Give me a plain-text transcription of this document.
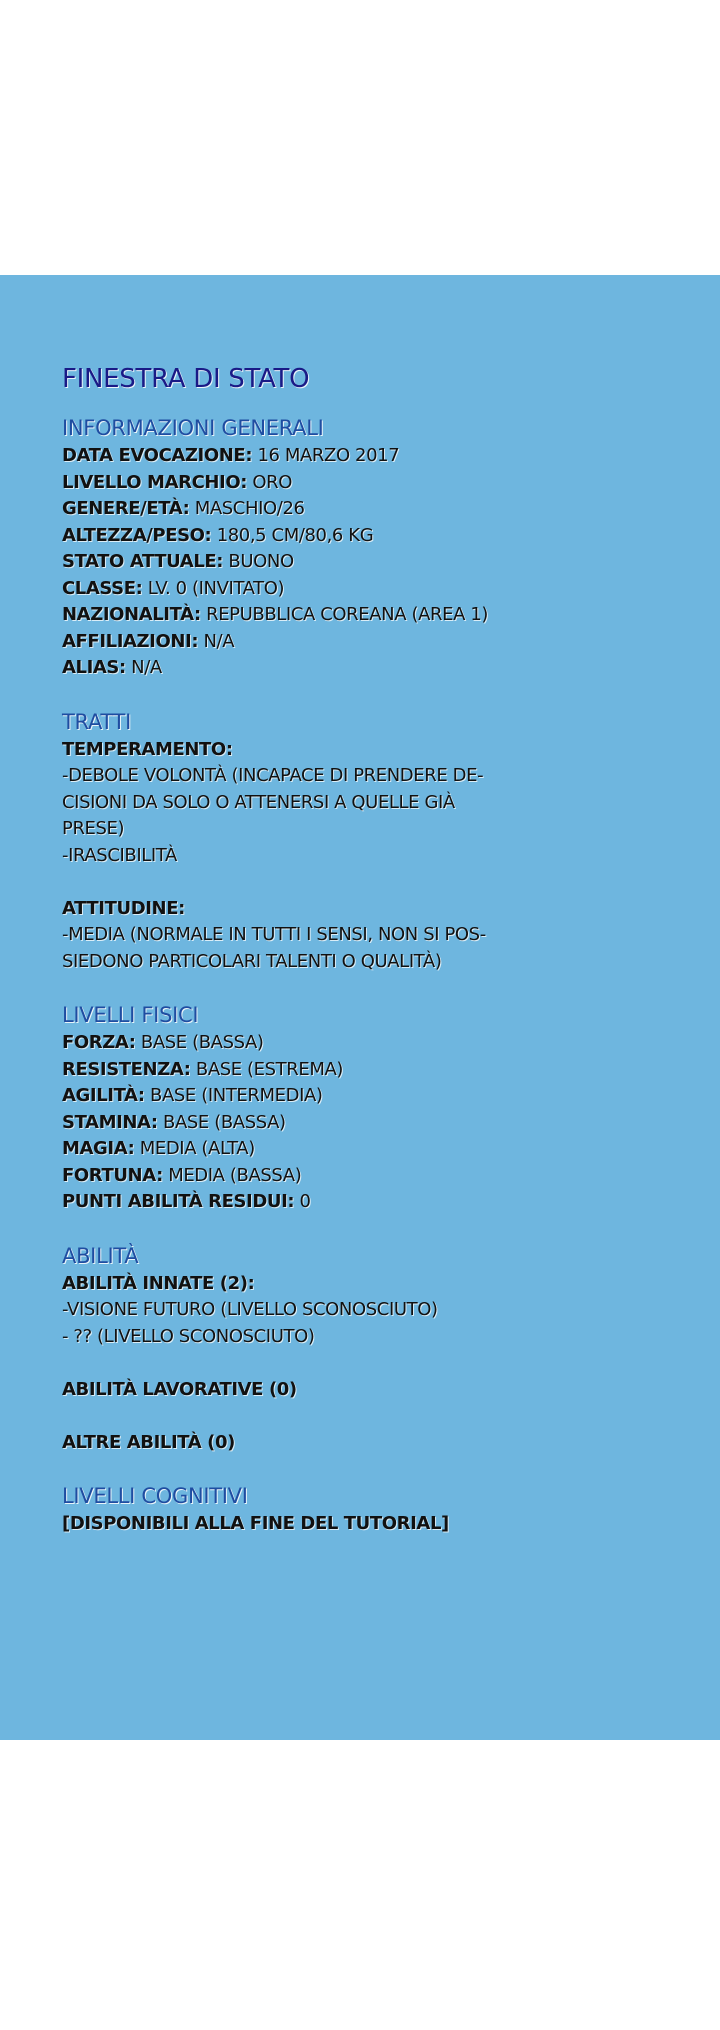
FINESTRA DI STATO
INFORMAZIONI GENERALI
DATA EVOCAZIONE: 16 MARZO 2017
LIVELLO MARCHIO: ORO
GENERE/ETÀ: MASCHIO/26
ALTEZZA/PESO: 180,5 CM/80,6 KG
STATO ATTUALE: BUONO
CLASSE: LV. 0 (INVITATO)
NAZIONALITÀ: REPUBBLICA COREANA (AREA 1)
AFFILIAZIONI: N/A
ALIAS: N/A
TRATTI
TEMPERAMENTO:
-DEBOLE VOLONTÀ (INCAPACE DI PRENDERE DE-
CISIONI DA SOLO O ATTENERSI A QUELLE GIÀ
PRESE)
-IRASCIBILITÀ
ATTITUDINE:
-MEDIA (NORMALE IN TUTTI I SENSI, NON SI POS-
SIEDONO PARTICOLARI TALENTI O QUALITÀ)
LIVELLI FISICI
FORZA: BASE (BASSA)
RESISTENZA: BASE (ESTREMA)
AGILITÀ: BASE (INTERMEDIA)
STAMINA: BASE (BASSA)
MAGIA: MEDIA (ALTA)
FORTUNA: MEDIA (BASSA)
PUNTI ABILITÀ RESIDUI: 0
ABILITÀ
ABILITÀ INNATE (2):
-VISIONE FUTURO (LIVELLO SCONOSCIUTO)
- ?? (LIVELLO SCONOSCIUTO)
ABILITÀ LAVORATIVE (0)
ALTRE ABILITÀ (0)
LIVELLI COGNITIVI
[DISPONIBILI ALLA FINE DEL TUTORIAL]
